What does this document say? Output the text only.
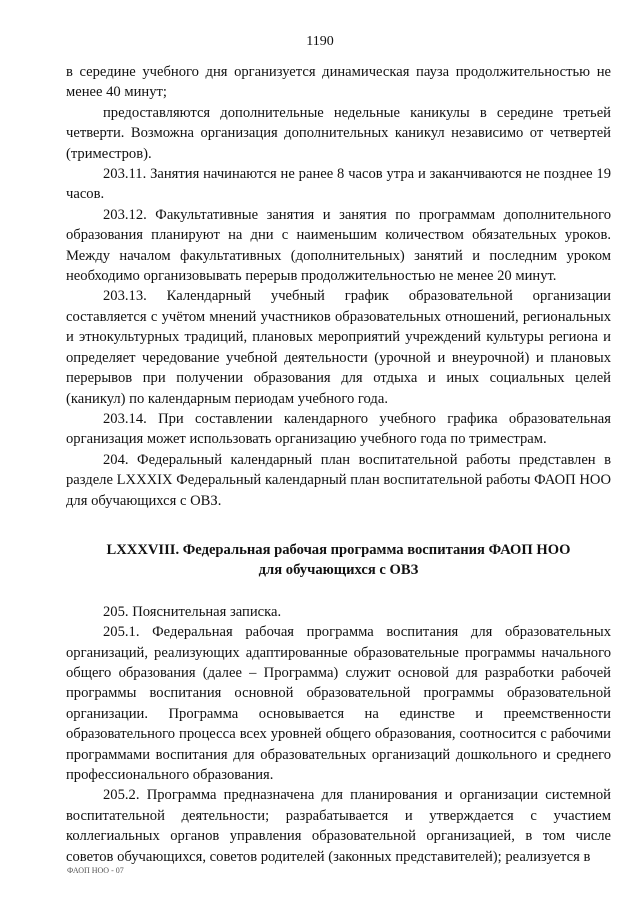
1190

в середине учебного дня организуется динамическая пауза продолжительностью не менее 40 минут;

предоставляются дополнительные недельные каникулы в середине третьей четверти. Возможна организация дополнительных каникул независимо от четвертей (триместров).

203.11. Занятия начинаются не ранее 8 часов утра и заканчиваются не позднее 19 часов.

203.12. Факультативные занятия и занятия по программам дополнительного образования планируют на дни с наименьшим количеством обязательных уроков. Между началом факультативных (дополнительных) занятий и последним уроком необходимо организовывать перерыв продолжительностью не менее 20 минут.

203.13. Календарный учебный график образовательной организации составляется с учётом мнений участников образовательных отношений, региональных и этнокультурных традиций, плановых мероприятий учреждений культуры региона и определяет чередование учебной деятельности (урочной и внеурочной) и плановых перерывов при получении образования для отдыха и иных социальных целей (каникул) по календарным периодам учебного года.

203.14. При составлении календарного учебного графика образовательная организация может использовать организацию учебного года по триместрам.

204. Федеральный календарный план воспитательной работы представлен в разделе LXXXIX Федеральный календарный план воспитательной работы ФАОП НОО для обучающихся с ОВЗ.

LXXXVIII. Федеральная рабочая программа воспитания ФАОП НОО
для обучающихся с ОВЗ

205. Пояснительная записка.

205.1. Федеральная рабочая программа воспитания для образовательных организаций, реализующих адаптированные образовательные программы начального общего образования (далее – Программа) служит основой для разработки рабочей программы воспитания основной образовательной программы образовательной организации. Программа основывается на единстве и преемственности образовательного процесса всех уровней общего образования, соотносится с рабочими программами воспитания для образовательных организаций дошкольного и среднего профессионального образования.

205.2. Программа предназначена для планирования и организации системной воспитательной деятельности; разрабатывается и утверждается с участием коллегиальных органов управления образовательной организацией, в том числе советов обучающихся, советов родителей (законных представителей); реализуется в

ФАОП НОО - 07
